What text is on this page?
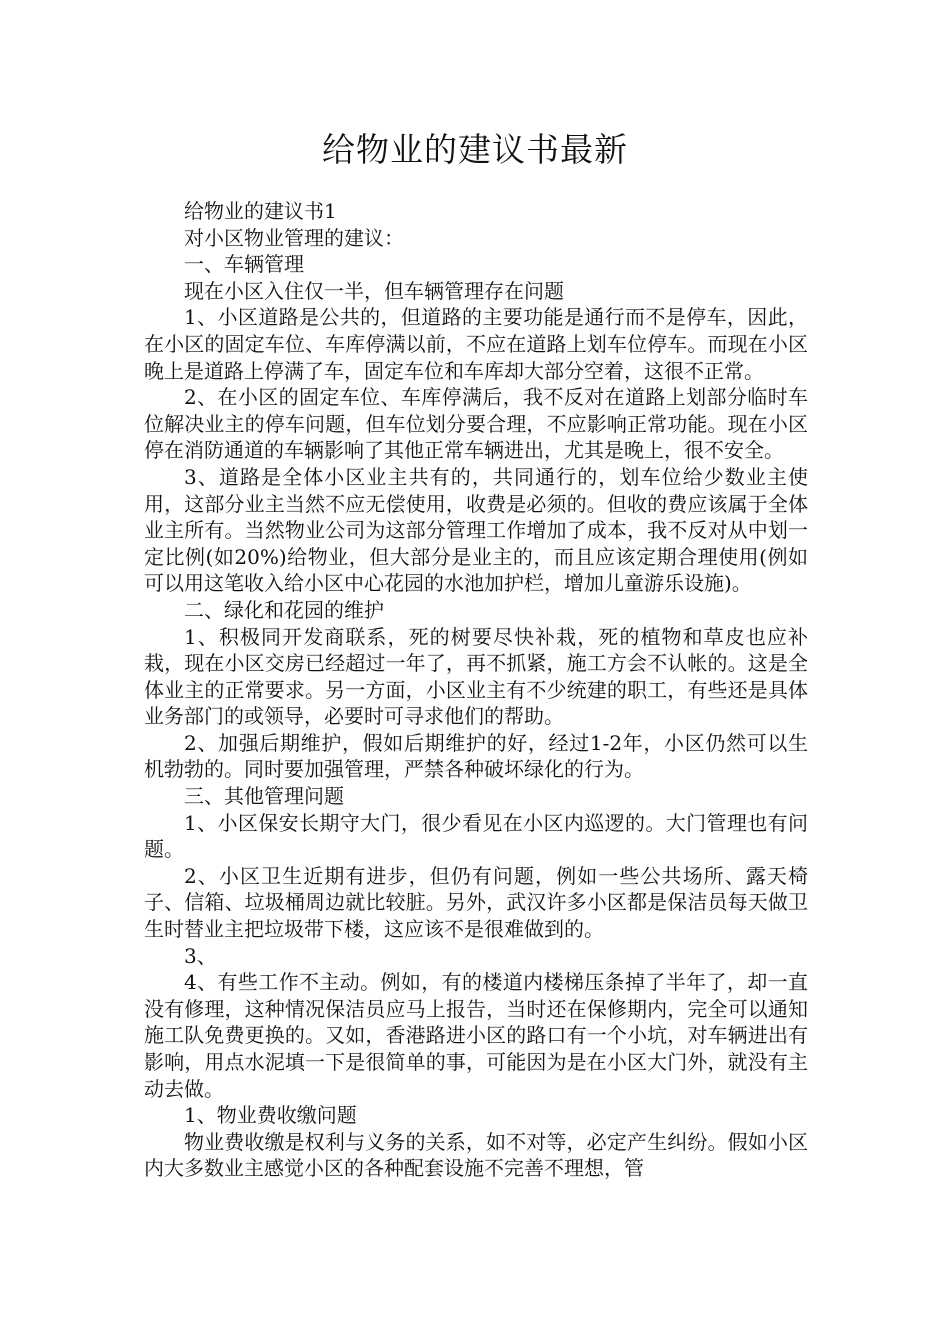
给物业的建议书最新

给物业的建议书1

对小区物业管理的建议：

一、车辆管理

现在小区入住仅一半，但车辆管理存在问题

1、小区道路是公共的，但道路的主要功能是通行而不是停车，因此，在小区的固定车位、车库停满以前，不应在道路上划车位停车。而现在小区晚上是道路上停满了车，固定车位和车库却大部分空着，这很不正常。

2、在小区的固定车位、车库停满后，我不反对在道路上划部分临时车位解决业主的停车问题，但车位划分要合理，不应影响正常功能。现在小区停在消防通道的车辆影响了其他正常车辆进出，尤其是晚上，很不安全。

3、道路是全体小区业主共有的，共同通行的，划车位给少数业主使用，这部分业主当然不应无偿使用，收费是必须的。但收的费应该属于全体业主所有。当然物业公司为这部分管理工作增加了成本，我不反对从中划一定比例(如20%)给物业，但大部分是业主的，而且应该定期合理使用(例如可以用这笔收入给小区中心花园的水池加护栏，增加儿童游乐设施)。

二、绿化和花园的维护

1、积极同开发商联系，死的树要尽快补栽，死的植物和草皮也应补栽，现在小区交房已经超过一年了，再不抓紧，施工方会不认帐的。这是全体业主的正常要求。另一方面，小区业主有不少统建的职工，有些还是具体业务部门的或领导，必要时可寻求他们的帮助。

2、加强后期维护，假如后期维护的好，经过1-2年，小区仍然可以生机勃勃的。同时要加强管理，严禁各种破坏绿化的行为。

三、其他管理问题

1、小区保安长期守大门，很少看见在小区内巡逻的。大门管理也有问题。

2、小区卫生近期有进步，但仍有问题，例如一些公共场所、露天椅子、信箱、垃圾桶周边就比较脏。另外，武汉许多小区都是保洁员每天做卫生时替业主把垃圾带下楼，这应该不是很难做到的。

3、

4、有些工作不主动。例如，有的楼道内楼梯压条掉了半年了，却一直没有修理，这种情况保洁员应马上报告，当时还在保修期内，完全可以通知施工队免费更换的。又如，香港路进小区的路口有一个小坑，对车辆进出有影响，用点水泥填一下是很简单的事，可能因为是在小区大门外，就没有主动去做。

1、物业费收缴问题

物业费收缴是权利与义务的关系，如不对等，必定产生纠纷。假如小区内大多数业主感觉小区的各种配套设施不完善不理想，管
